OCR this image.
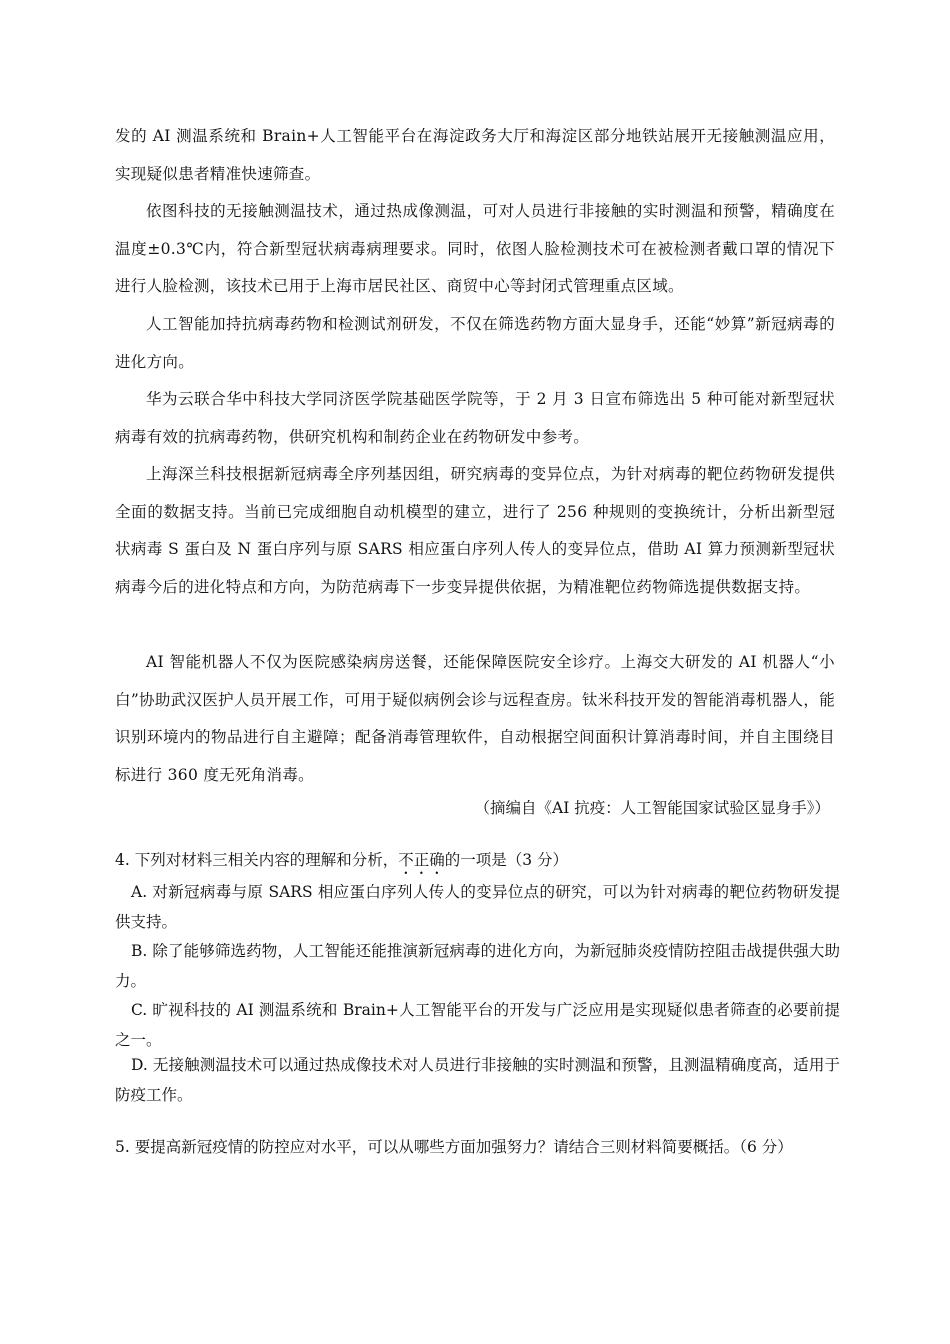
发的 AI 测温系统和 Brain+人工智能平台在海淀政务大厅和海淀区部分地铁站展开无接触测温应用，实现疑似患者精准快速筛查。

依图科技的无接触测温技术，通过热成像测温，可对人员进行非接触的实时测温和预警，精确度在温度±0.3℃内，符合新型冠状病毒病理要求。同时，依图人脸检测技术可在被检测者戴口罩的情况下进行人脸检测，该技术已用于上海市居民社区、商贸中心等封闭式管理重点区域。

人工智能加持抗病毒药物和检测试剂研发，不仅在筛选药物方面大显身手，还能“妙算”新冠病毒的进化方向。

华为云联合华中科技大学同济医学院基础医学院等，于 2 月 3 日宣布筛选出 5 种可能对新型冠状病毒有效的抗病毒药物，供研究机构和制药企业在药物研发中参考。

上海深兰科技根据新冠病毒全序列基因组，研究病毒的变异位点，为针对病毒的靶位药物研发提供全面的数据支持。当前已完成细胞自动机模型的建立，进行了 256 种规则的变换统计，分析出新型冠状病毒 S 蛋白及 N 蛋白序列与原 SARS 相应蛋白序列人传人的变异位点，借助 AI 算力预测新型冠状病毒今后的进化特点和方向，为防范病毒下一步变异提供依据，为精准靶位药物筛选提供数据支持。

AI 智能机器人不仅为医院感染病房送餐，还能保障医院安全诊疗。上海交大研发的 AI 机器人“小白”协助武汉医护人员开展工作，可用于疑似病例会诊与远程查房。钛米科技开发的智能消毒机器人，能识别环境内的物品进行自主避障；配备消毒管理软件，自动根据空间面积计算消毒时间，并自主围绕目标进行 360 度无死角消毒。

（摘编自《AI 抗疫：人工智能国家试验区显身手》）

4. 下列对材料三相关内容的理解和分析，不正确的一项是（3 分）

A. 对新冠病毒与原 SARS 相应蛋白序列人传人的变异位点的研究，可以为针对病毒的靶位药物研发提供支持。

B. 除了能够筛选药物，人工智能还能推演新冠病毒的进化方向，为新冠肺炎疫情防控阻击战提供强大助力。

C. 旷视科技的 AI 测温系统和 Brain+人工智能平台的开发与广泛应用是实现疑似患者筛查的必要前提之一。

D. 无接触测温技术可以通过热成像技术对人员进行非接触的实时测温和预警，且测温精确度高，适用于防疫工作。

5. 要提高新冠疫情的防控应对水平，可以从哪些方面加强努力？请结合三则材料简要概括。（6 分）
